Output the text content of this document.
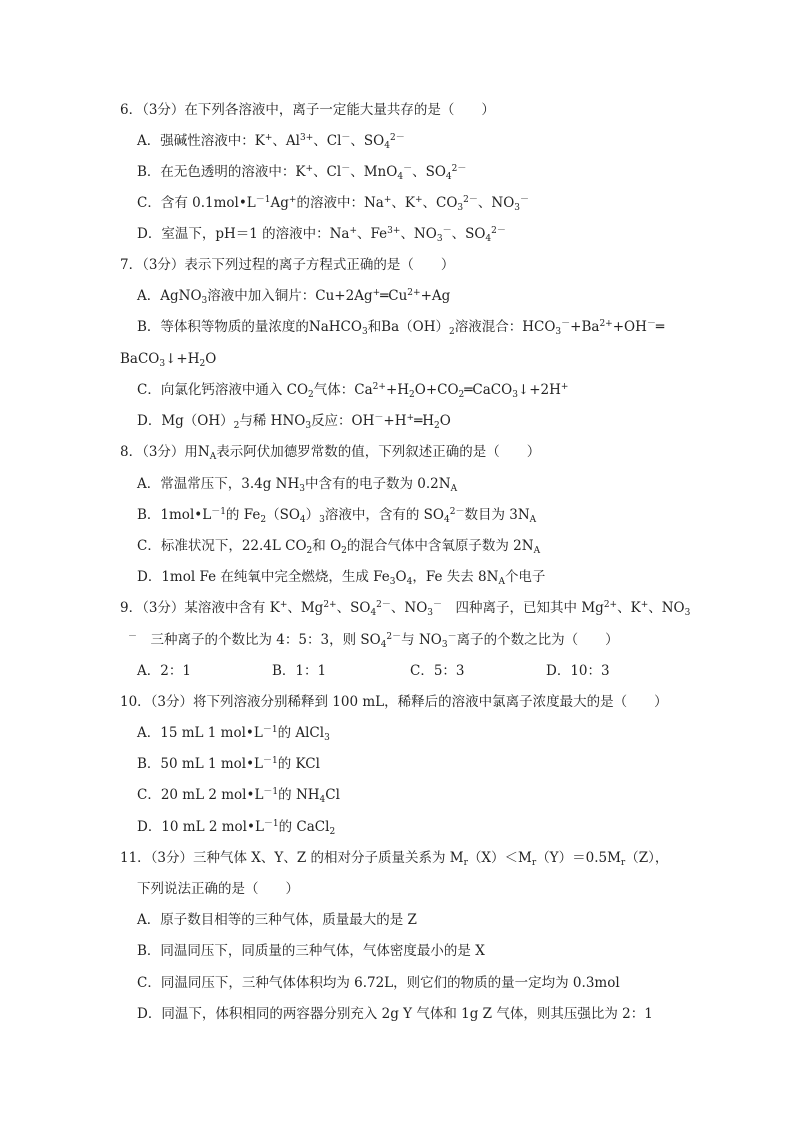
6．（3分）在下列各溶液中，离子一定能大量共存的是（　　）
A．强碱性溶液中：K+、$Al^{3+}$、Cl－、$SO_4^{2-}$
B．在无色透明的溶液中：K+、Cl－、MnO$_4$－、$SO_4^{2-}$
C．含有 $0.1mol•L^{-1}Ag^+$的溶液中：Na+、K+、$CO_3^{2-}$、$NO_3^-$
D．室温下，pH＝1 的溶液中：Na+、$Fe^{3+}$、$NO_3^-$、$SO_4^{2-}$
7．（3分）表示下列过程的离子方程式正确的是（　　）
A．AgNO$_3$溶液中加入铜片：$Cu+2Ag^+═Cu^{2+}+Ag$
B．等体积等物质的量浓度的NaHCO$_3$和$Ba(OH)_2$溶液混合：$HCO_3^-+Ba^{2+}+OH^-═$
$BaCO_3↓+H_2O$
C．向氯化钙溶液中通入 $CO_2$气体：$Ca^{2+}+H_2O+CO_2═CaCO_3↓+2H^+$
D．$Mg(OH)_2$与稀 $HNO_3$反应：$OH^-+H^+═H_2O$
8．（3分）用$N_A$表示阿伏加德罗常数的值，下列叙述正确的是（　　）
A．常温常压下，3.4g $NH_3$中含有的电子数为 $0.2N_A$
B．$1mol•L^{-1}$的 $Fe_2(SO_4)_3$溶液中，含有的 $SO_4^{2-}$数目为 $3N_A$
C．标准状况下，22.4L $CO_2$和 $O_2$的混合气体中含氧原子数为 $2N_A$
D．1mol Fe 在纯氧中完全燃烧，生成 $Fe_3O_4$，Fe 失去 $8N_A$个电子
9．（3分）某溶液中含有 K+、$Mg^{2+}$、$SO_4^{2-}$、$NO_3^-$　四种离子，已知其中 $Mg^{2+}$、K+、$NO_3$
－　三种离子的个数比为 4：5：3，则 $SO_4^{2-}$与 $NO_3^-$离子的个数之比为（　　）
A．2：1	B．1：1	C．5：3	D．10：3
10．（3分）将下列溶液分别稀释到 100 mL，稀释后的溶液中氯离子浓度最大的是（　　）
A．15 mL 1 $mol•L^{-1}$的 AlCl$_3$
B．50 mL 1 $mol•L^{-1}$的 KCl
C．20 mL 2 $mol•L^{-1}$的 $NH_4Cl$
D．10 mL 2 $mol•L^{-1}$的 CaCl$_2$
11．（3分）三种气体 X、Y、Z 的相对分子质量关系为 $M_r(X)<M_r(Y)=0.5M_r(Z)$，
下列说法正确的是（　　）
A．原子数目相等的三种气体，质量最大的是 Z
B．同温同压下，同质量的三种气体，气体密度最小的是 X
C．同温同压下，三种气体体积均为 6.72L，则它们的物质的量一定均为 0.3mol
D．同温下，体积相同的两容器分别充入 2g Y 气体和 1g Z 气体，则其压强比为 2：1
